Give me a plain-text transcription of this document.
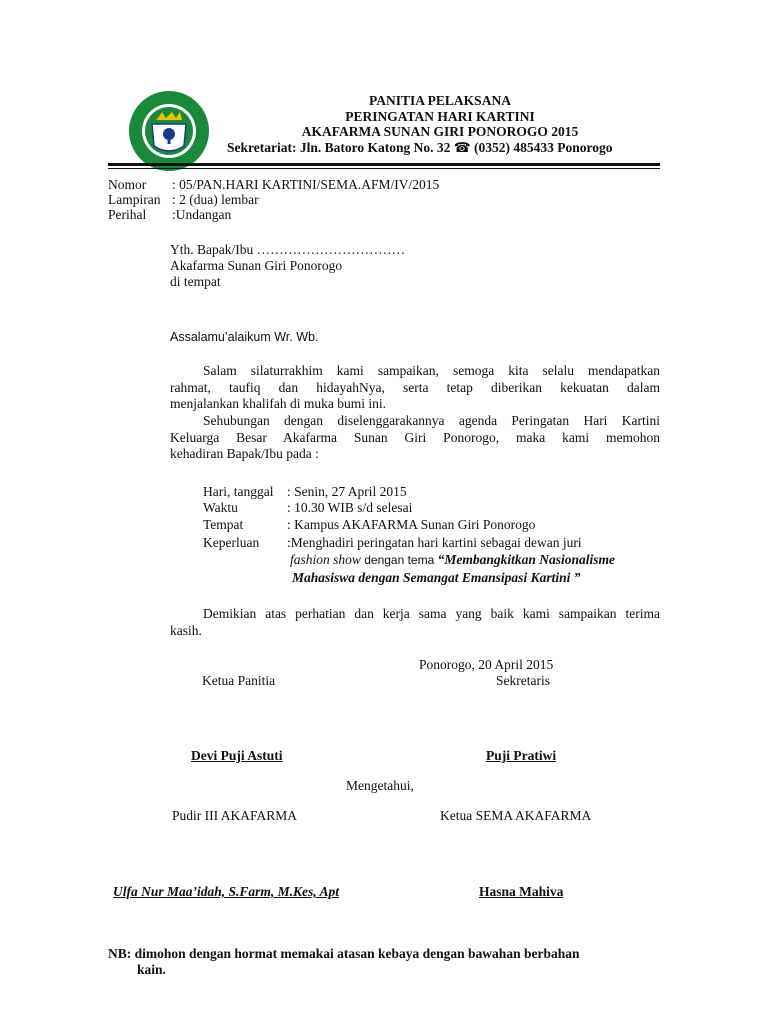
PANITIA PELAKSANA
PERINGATAN HARI KARTINI
AKAFARMA SUNAN GIRI PONOROGO 2015
Sekretariat: Jln. Batoro Katong No. 32 ☎ (0352) 485433 Ponorogo
Nomor : 05/PAN.HARI KARTINI/SEMA.AFM/IV/2015
Lampiran : 2 (dua) lembar
Perihal :Undangan
Yth. Bapak/Ibu ……………………………
Akafarma Sunan Giri Ponorogo
di tempat
Assalamu’alaikum Wr. Wb.
Salam silaturrakhim kami sampaikan, semoga kita selalu mendapatkan
rahmat, taufiq dan hidayahNya, serta tetap diberikan kekuatan dalam
menjalankan khalifah di muka bumi ini.
Sehubungan dengan diselenggarakannya agenda Peringatan Hari Kartini
Keluarga Besar Akafarma Sunan Giri Ponorogo, maka kami memohon
kehadiran Bapak/Ibu pada :
Hari, tanggal : Senin, 27 April 2015
Waktu	: 10.30 WIB s/d selesai
Tempat	: Kampus AKAFARMA Sunan Giri Ponorogo
Keperluan :Menghadiri peringatan hari kartini sebagai dewan juri
fashion show dengan tema “Membangkitkan Nasionalisme
Mahasiswa dengan Semangat Emansipasi Kartini ”
Demikian atas perhatian dan kerja sama yang baik kami sampaikan terima
kasih.
Ponorogo, 20 April 2015
Ketua Panitia	Sekretaris
Devi Puji Astuti	Puji Pratiwi
Mengetahui,
Pudir III AKAFARMA	Ketua SEMA AKAFARMA
Ulfa Nur Maa’idah, S.Farm, M.Kes, Apt	Hasna Mahiva
NB: dimohon dengan hormat memakai atasan kebaya dengan bawahan berbahan
kain.
